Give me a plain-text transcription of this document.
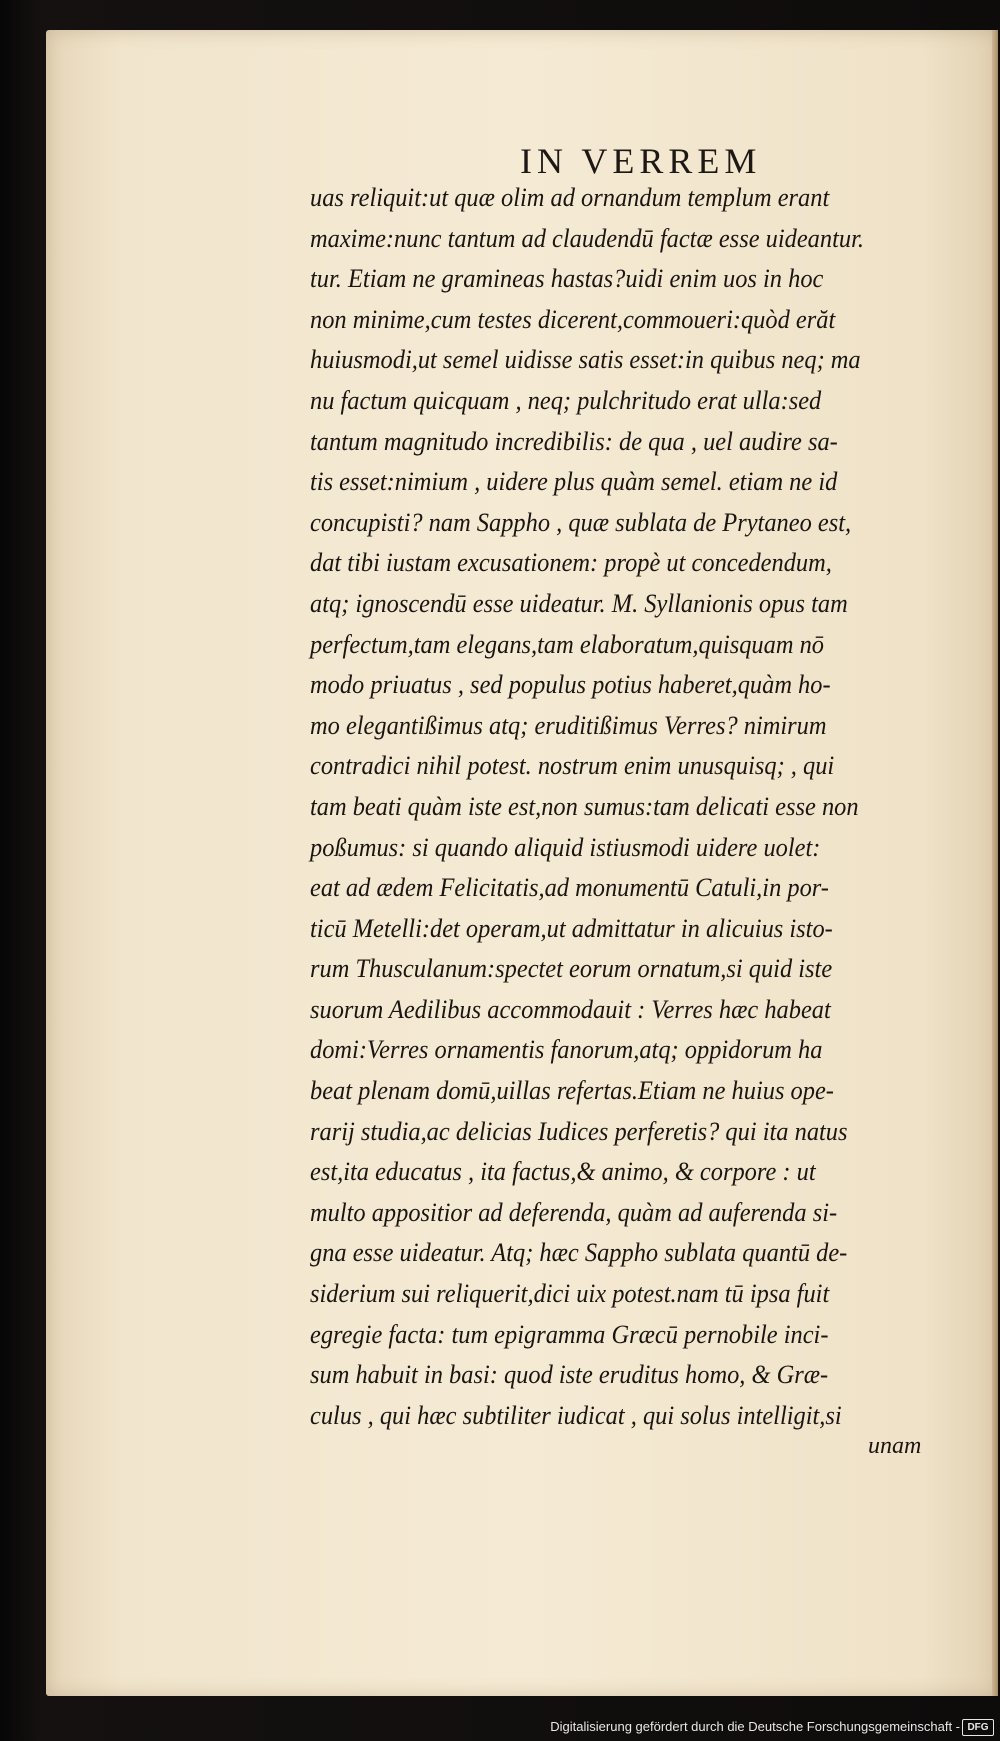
IN VERREM
uas reliquit:ut quæ olim ad ornandum templum erant
maxime:nunc tantum ad claudendū factæ esse uideantur.
tur. Etiam ne gramineas hastas?uidi enim uos in hoc
non minime,cum testes dicerent,commoueri:quòd erăt
huiusmodi,ut semel uidisse satis esset:in quibus neq; ma
nu factum quicquam , neq; pulchritudo erat ulla:sed
tantum magnitudo incredibilis: de qua , uel audire sa-
tis esset:nimium , uidere plus quàm semel. etiam ne id
concupisti? nam Sappho , quæ sublata de Prytaneo est,
dat tibi iustam excusationem: propè ut concedendum,
atq; ignoscendū esse uideatur. M. Syllanionis opus tam
perfectum,tam elegans,tam elaboratum,quisquam nō
modo priuatus , sed populus potius haberet,quàm ho-
mo elegantißimus atq; eruditißimus Verres? nimirum
contradici nihil potest. nostrum enim unusquisq; , qui
tam beati quàm iste est,non sumus:tam delicati esse non
poßumus: si quando aliquid istiusmodi uidere uolet:
eat ad ædem Felicitatis,ad monumentū Catuli,in por-
ticū Metelli:det operam,ut admittatur in alicuius isto-
rum Thusculanum:spectet eorum ornatum,si quid iste
suorum Aedilibus accommodauit : Verres hæc habeat
domi:Verres ornamentis fanorum,atq; oppidorum ha
beat plenam domū,uillas refertas.Etiam ne huius ope-
rarij studia,ac delicias Iudices perferetis? qui ita natus
est,ita educatus , ita factus,& animo, & corpore : ut
multo appositior ad deferenda, quàm ad auferenda si-
gna esse uideatur. Atq; hæc Sappho sublata quantū de-
siderium sui reliquerit,dici uix potest.nam tū ipsa fuit
egregie facta: tum epigramma Græcū pernobile inci-
sum habuit in basi: quod iste eruditus homo, & Græ-
culus , qui hæc subtiliter iudicat , qui solus intelligit,si
unam
Digitalisierung gefördert durch die Deutsche Forschungsgemeinschaft - DFG
